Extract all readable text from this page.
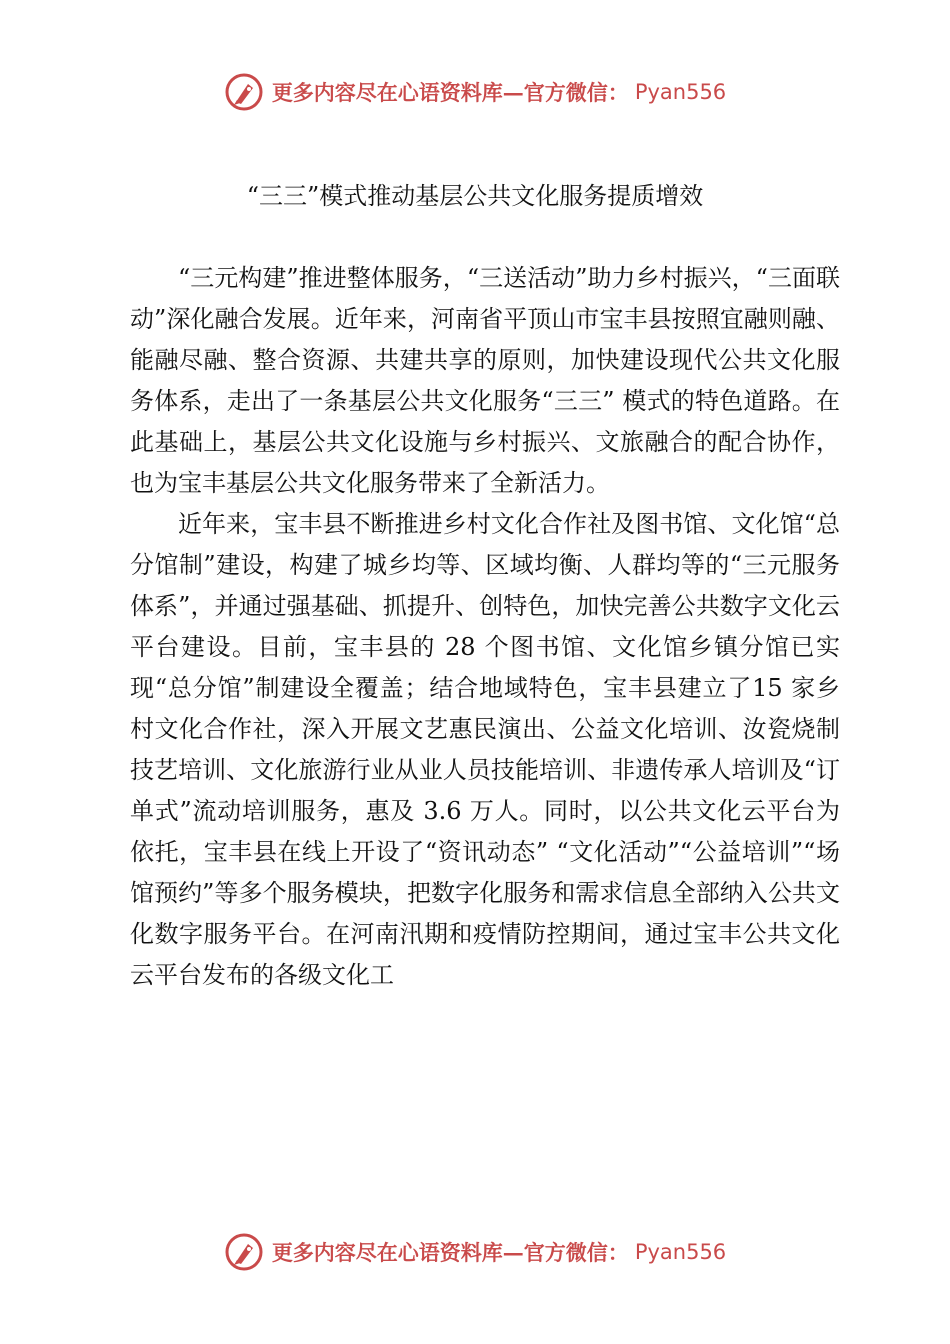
更多内容尽在心语资料库—官方微信： Pyan556
“三三”模式推动基层公共文化服务提质增效

“三元构建”推进整体服务，“三送活动”助力乡村振兴，“三面联动”深化融合发展。近年来，河南省平顶山市宝丰县按照宜融则融、能融尽融、整合资源、共建共享的原则，加快建设现代公共文化服务体系，走出了一条基层公共文化服务“三三” 模式的特色道路。在此基础上，基层公共文化设施与乡村振兴、文旅融合的配合协作，也为宝丰基层公共文化服务带来了全新活力。

近年来，宝丰县不断推进乡村文化合作社及图书馆、文化馆“总分馆制”建设，构建了城乡均等、区域均衡、人群均等的“三元服务体系”，并通过强基础、抓提升、创特色，加快完善公共数字文化云平台建设。目前，宝丰县的 28 个图书馆、文化馆乡镇分馆已实现“总分馆”制建设全覆盖；结合地域特色，宝丰县建立了15 家乡村文化合作社，深入开展文艺惠民演出、公益文化培训、汝瓷烧制技艺培训、文化旅游行业从业人员技能培训、非遗传承人培训及“订单式”流动培训服务，惠及 3.6 万人。同时，以公共文化云平台为依托，宝丰县在线上开设了“资讯动态” “文化活动”“公益培训”“场馆预约”等多个服务模块，把数字化服务和需求信息全部纳入公共文化数字服务平台。在河南汛期和疫情防控期间，通过宝丰公共文化云平台发布的各级文化工

更多内容尽在心语资料库—官方微信： Pyan556
